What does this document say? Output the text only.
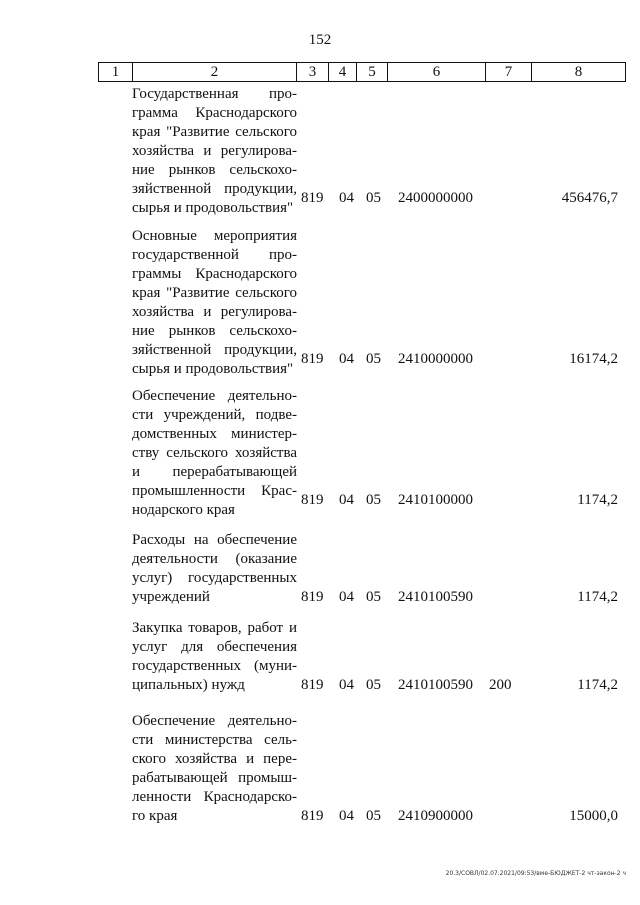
152
1	2	3	4	5	6	7	8
Государственная про-
грамма Краснодарского
края "Развитие сельского
хозяйства и регулирова-
ние рынков сельскохо-
зяйственной продукции,
сырья и продовольствия"
819	04 05	2400000000	456476,7
Основные мероприятия
государственной про-
граммы Краснодарского
края "Развитие сельского
хозяйства и регулирова-
ние рынков сельскохо-
зяйственной продукции,
сырья и продовольствия"
819	04 05	2410000000	16174,2
Обеспечение деятельно-
сти учреждений, подве-
домственных министер-
ству сельского хозяйства
и перерабатывающей
промышленности Крас-
нодарского края
819	04 05	2410100000	1174,2
Расходы на обеспечение
деятельности (оказание
услуг) государственных
учреждений	819	04 05	2410100590	1174,2
Закупка товаров, работ и
услуг для обеспечения
государственных (муни-
ципальных) нужд	819	04 05	2410100590	200	1174,2
Обеспечение деятельно-
сти министерства сель-
ского хозяйства и пере-
рабатывающей промыш-
ленности Краснодарско-
го края	819	04 05	2410900000	15000,0
20.3/СОВЛ/02.07.2021/09:53/вме-БЮДЖЕТ-2 чт-закон-2 ч
